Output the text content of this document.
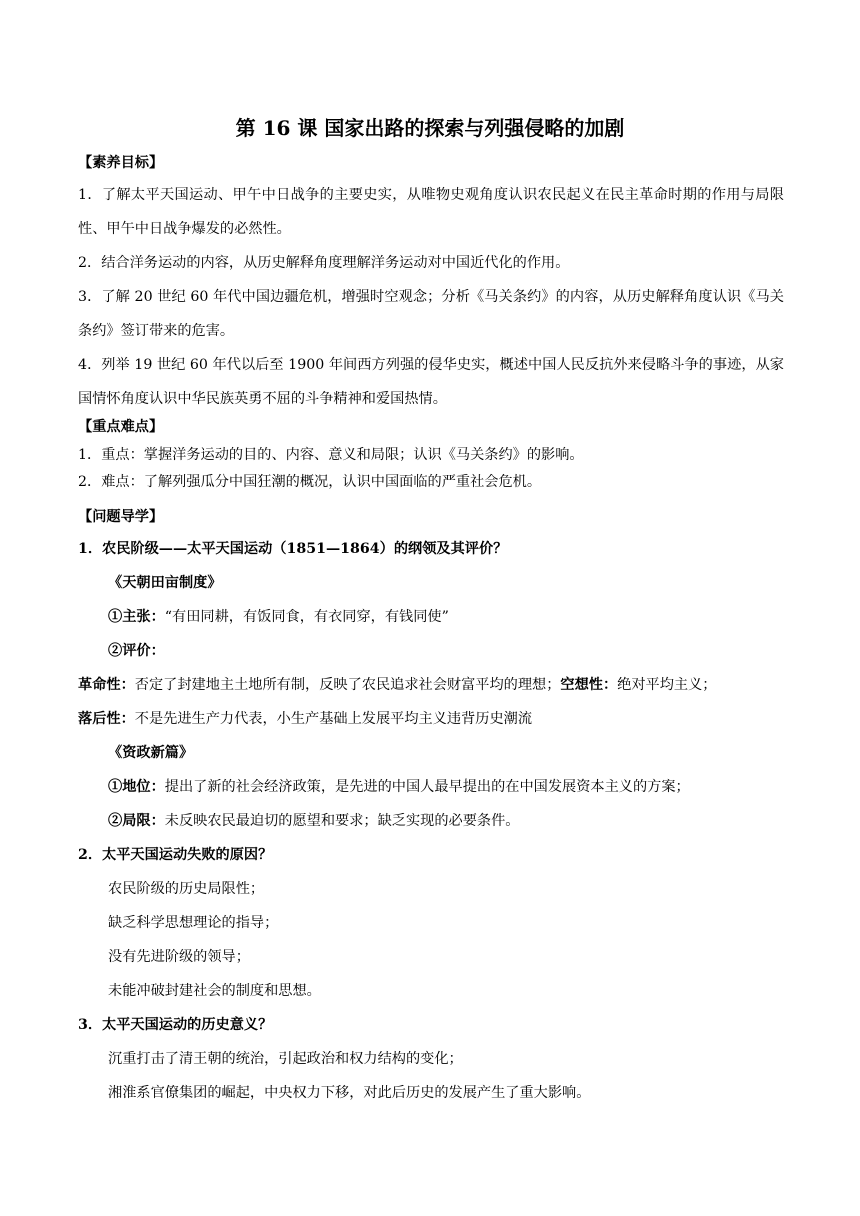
第 16 课 国家出路的探索与列强侵略的加剧

【素养目标】

1．了解太平天国运动、甲午中日战争的主要史实，从唯物史观角度认识农民起义在民主革命时期的作用与局限性、甲午中日战争爆发的必然性。

2．结合洋务运动的内容，从历史解释角度理解洋务运动对中国近代化的作用。

3．了解 20 世纪 60 年代中国边疆危机，增强时空观念；分析《马关条约》的内容，从历史解释角度认识《马关条约》签订带来的危害。

4．列举 19 世纪 60 年代以后至 1900 年间西方列强的侵华史实，概述中国人民反抗外来侵略斗争的事迹，从家国情怀角度认识中华民族英勇不屈的斗争精神和爱国热情。

【重点难点】

1．重点：掌握洋务运动的目的、内容、意义和局限；认识《马关条约》的影响。

2．难点：了解列强瓜分中国狂潮的概况，认识中国面临的严重社会危机。

【问题导学】

1．农民阶级——太平天国运动（1851—1864）的纲领及其评价？

《天朝田亩制度》

①主张：“有田同耕，有饭同食，有衣同穿，有钱同使”

②评价：

革命性：否定了封建地主土地所有制，反映了农民追求社会财富平均的理想；空想性：绝对平均主义；

落后性：不是先进生产力代表，小生产基础上发展平均主义违背历史潮流

《资政新篇》

①地位：提出了新的社会经济政策，是先进的中国人最早提出的在中国发展资本主义的方案；

②局限：未反映农民最迫切的愿望和要求；缺乏实现的必要条件。

2．太平天国运动失败的原因？

农民阶级的历史局限性；

缺乏科学思想理论的指导；

没有先进阶级的领导；

未能冲破封建社会的制度和思想。

3．太平天国运动的历史意义？

沉重打击了清王朝的统治，引起政治和权力结构的变化；

湘淮系官僚集团的崛起，中央权力下移，对此后历史的发展产生了重大影响。
